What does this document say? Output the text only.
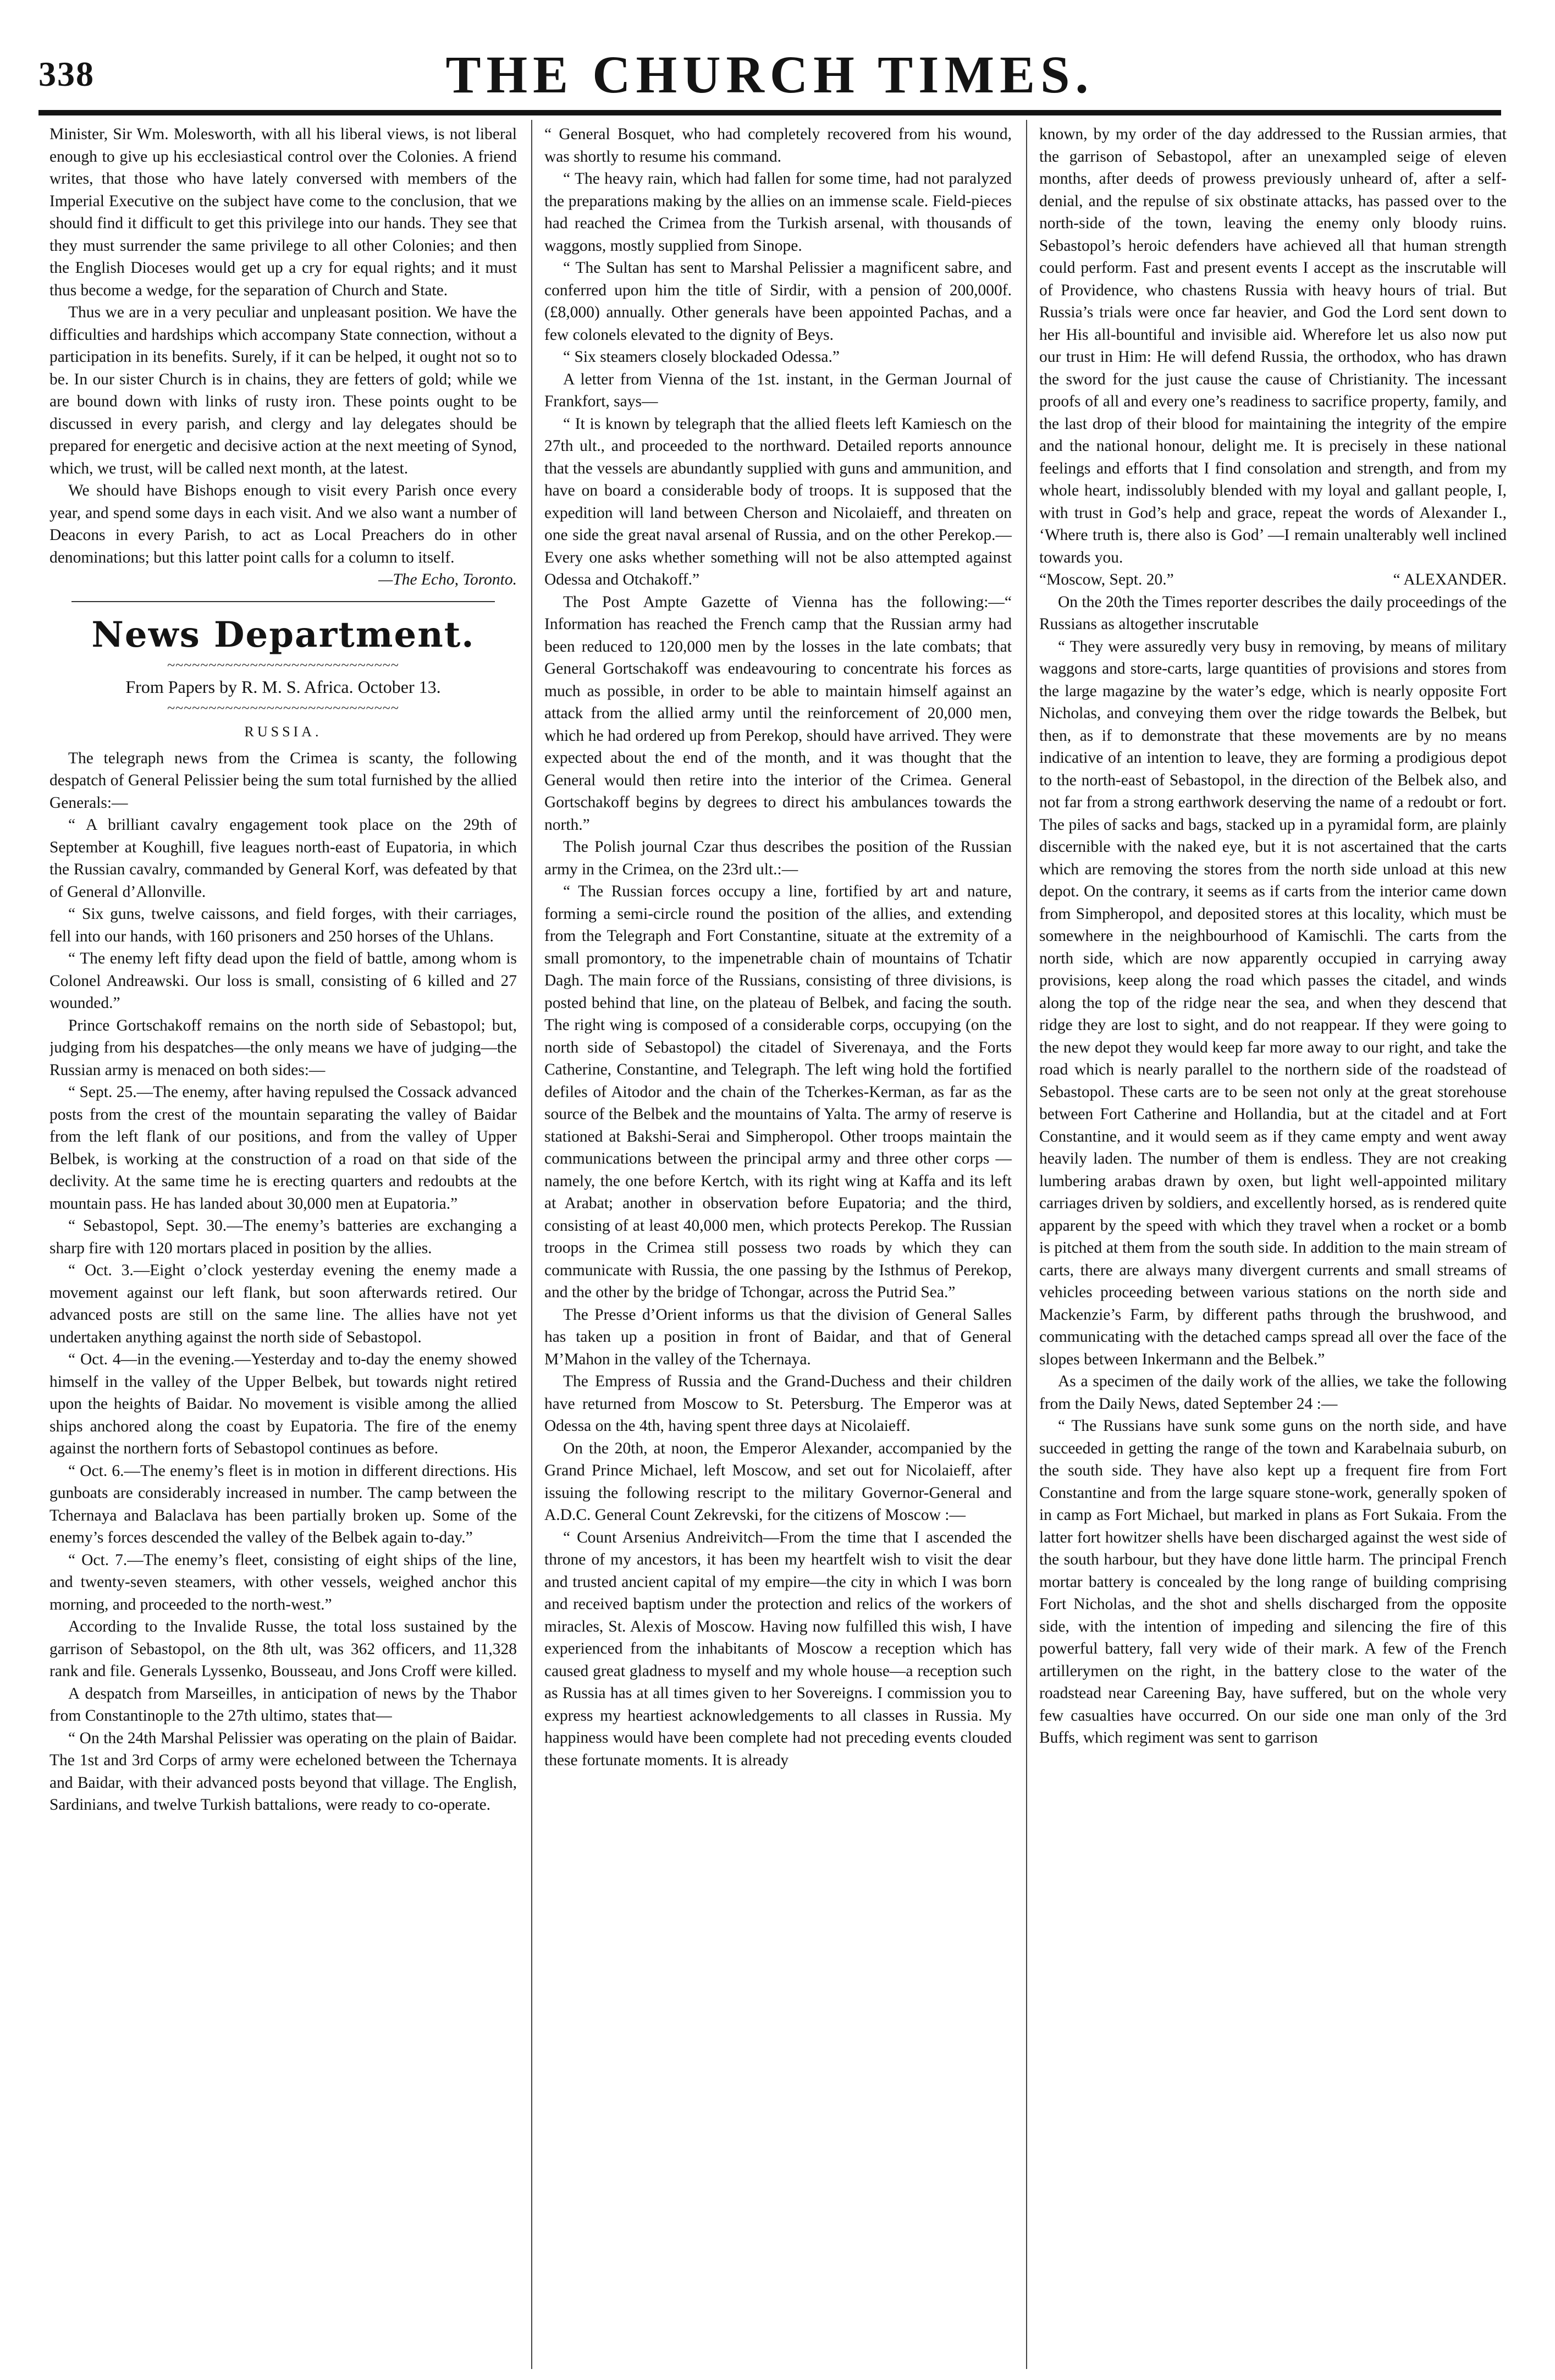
338	THE CHURCH TIMES.

Minister, Sir Wm. Molesworth, with all his liberal views, is not liberal enough to give up his ecclesiastical control over the Colonies. A friend writes, that those who have lately conversed with members of the Imperial Executive on the subject have come to the conclusion, that we should find it difficult to get this privilege into our hands. They see that they must surrender the same privilege to all other Colonies; and then the English Dioceses would get up a cry for equal rights; and it must thus become a wedge, for the separation of Church and State.

Thus we are in a very peculiar and unpleasant position. We have the difficulties and hardships which accompany State connection, without a participation in its benefits. Surely, if it can be helped, it ought not so to be. In our sister Church is in chains, they are fetters of gold; while we are bound down with links of rusty iron. These points ought to be discussed in every parish, and clergy and lay delegates should be prepared for energetic and decisive action at the next meeting of Synod, which, we trust, will be called next month, at the latest.

We should have Bishops enough to visit every Parish once every year, and spend some days in each visit. And we also want a number of Deacons in every Parish, to act as Local Preachers do in other denominations; but this latter point calls for a column to itself.

—The Echo, Toronto.

News Department.
~~~~~~~~~~~~~~~~~~~~~~~~~~~~
From Papers by R. M. S. Africa. October 13.
~~~~~~~~~~~~~~~~~~~~~~~~~~~~
RUSSIA.

The telegraph news from the Crimea is scanty, the following despatch of General Pelissier being the sum total furnished by the allied Generals:—

“ A brilliant cavalry engagement took place on the 29th of September at Koughill, five leagues north-east of Eupatoria, in which the Russian cavalry, commanded by General Korf, was defeated by that of General d’Allonville.

“ Six guns, twelve caissons, and field forges, with their carriages, fell into our hands, with 160 prisoners and 250 horses of the Uhlans.

“ The enemy left fifty dead upon the field of battle, among whom is Colonel Andreawski. Our loss is small, consisting of 6 killed and 27 wounded.”

Prince Gortschakoff remains on the north side of Sebastopol; but, judging from his despatches—the only means we have of judging—the Russian army is menaced on both sides:—

“ Sept. 25.—The enemy, after having repulsed the Cossack advanced posts from the crest of the mountain separating the valley of Baidar from the left flank of our positions, and from the valley of Upper Belbek, is working at the construction of a road on that side of the declivity. At the same time he is erecting quarters and redoubts at the mountain pass. He has landed about 30,000 men at Eupatoria.”

“ Sebastopol, Sept. 30.—The enemy’s batteries are exchanging a sharp fire with 120 mortars placed in position by the allies.

“ Oct. 3.—Eight o’clock yesterday evening the enemy made a movement against our left flank, but soon afterwards retired. Our advanced posts are still on the same line. The allies have not yet undertaken anything against the north side of Sebastopol.

“ Oct. 4—in the evening.—Yesterday and to-day the enemy showed himself in the valley of the Upper Belbek, but towards night retired upon the heights of Baidar. No movement is visible among the allied ships anchored along the coast by Eupatoria. The fire of the enemy against the northern forts of Sebastopol continues as before.

“ Oct. 6.—The enemy’s fleet is in motion in different directions. His gunboats are considerably increased in number. The camp between the Tchernaya and Balaclava has been partially broken up. Some of the enemy’s forces descended the valley of the Belbek again to-day.”

“ Oct. 7.—The enemy’s fleet, consisting of eight ships of the line, and twenty-seven steamers, with other vessels, weighed anchor this morning, and proceeded to the north-west.”

According to the Invalide Russe, the total loss sustained by the garrison of Sebastopol, on the 8th ult, was 362 officers, and 11,328 rank and file. Generals Lyssenko, Bousseau, and Jons Croff were killed.

A despatch from Marseilles, in anticipation of news by the Thabor from Constantinople to the 27th ultimo, states that—

“ On the 24th Marshal Pelissier was operating on the plain of Baidar. The 1st and 3rd Corps of army were echeloned between the Tchernaya and Baidar, with their advanced posts beyond that village. The English, Sardinians, and twelve Turkish battalions, were ready to co-operate.

“ General Bosquet, who had completely recovered from his wound, was shortly to resume his command.

“ The heavy rain, which had fallen for some time, had not paralyzed the preparations making by the allies on an immense scale. Field-pieces had reached the Crimea from the Turkish arsenal, with thousands of waggons, mostly supplied from Sinope.

“ The Sultan has sent to Marshal Pelissier a magnificent sabre, and conferred upon him the title of Sirdir, with a pension of 200,000f. (£8,000) annually. Other generals have been appointed Pachas, and a few colonels elevated to the dignity of Beys.

“ Six steamers closely blockaded Odessa.”

A letter from Vienna of the 1st. instant, in the German Journal of Frankfort, says—

“ It is known by telegraph that the allied fleets left Kamiesch on the 27th ult., and proceeded to the northward. Detailed reports announce that the vessels are abundantly supplied with guns and ammunition, and have on board a considerable body of troops. It is supposed that the expedition will land between Cherson and Nicolaieff, and threaten on one side the great naval arsenal of Russia, and on the other Perekop.—Every one asks whether something will not be also attempted against Odessa and Otchakoff.”

The Post Ampte Gazette of Vienna has the following:—“ Information has reached the French camp that the Russian army had been reduced to 120,000 men by the losses in the late combats; that General Gortschakoff was endeavouring to concentrate his forces as much as possible, in order to be able to maintain himself against an attack from the allied army until the reinforcement of 20,000 men, which he had ordered up from Perekop, should have arrived. They were expected about the end of the month, and it was thought that the General would then retire into the interior of the Crimea. General Gortschakoff begins by degrees to direct his ambulances towards the north.”

The Polish journal Czar thus describes the position of the Russian army in the Crimea, on the 23rd ult.:—

“ The Russian forces occupy a line, fortified by art and nature, forming a semi-circle round the position of the allies, and extending from the Telegraph and Fort Constantine, situate at the extremity of a small promontory, to the impenetrable chain of mountains of Tchatir Dagh. The main force of the Russians, consisting of three divisions, is posted behind that line, on the plateau of Belbek, and facing the south. The right wing is composed of a considerable corps, occupying (on the north side of Sebastopol) the citadel of Siverenaya, and the Forts Catherine, Constantine, and Telegraph. The left wing hold the fortified defiles of Aitodor and the chain of the Tcherkes-Kerman, as far as the source of the Belbek and the mountains of Yalta. The army of reserve is stationed at Bakshi-Serai and Simpheropol. Other troops maintain the communications between the principal army and three other corps —namely, the one before Kertch, with its right wing at Kaffa and its left at Arabat; another in observation before Eupatoria; and the third, consisting of at least 40,000 men, which protects Perekop. The Russian troops in the Crimea still possess two roads by which they can communicate with Russia, the one passing by the Isthmus of Perekop, and the other by the bridge of Tchongar, across the Putrid Sea.”

The Presse d’Orient informs us that the division of General Salles has taken up a position in front of Baidar, and that of General M’Mahon in the valley of the Tchernaya.

The Empress of Russia and the Grand-Duchess and their children have returned from Moscow to St. Petersburg. The Emperor was at Odessa on the 4th, having spent three days at Nicolaieff.

On the 20th, at noon, the Emperor Alexander, accompanied by the Grand Prince Michael, left Moscow, and set out for Nicolaieff, after issuing the following rescript to the military Governor-General and A.D.C. General Count Zekrevski, for the citizens of Moscow :—

“ Count Arsenius Andreivitch—From the time that I ascended the throne of my ancestors, it has been my heartfelt wish to visit the dear and trusted ancient capital of my empire—the city in which I was born and received baptism under the protection and relics of the workers of miracles, St. Alexis of Moscow. Having now fulfilled this wish, I have experienced from the inhabitants of Moscow a reception which has caused great gladness to myself and my whole house—a reception such as Russia has at all times given to her Sovereigns. I commission you to express my heartiest acknowledgements to all classes in Russia. My happiness would have been complete had not preceding events clouded these fortunate moments. It is already

known, by my order of the day addressed to the Russian armies, that the garrison of Sebastopol, after an unexampled seige of eleven months, after deeds of prowess previously unheard of, after a self-denial, and the repulse of six obstinate attacks, has passed over to the north-side of the town, leaving the enemy only bloody ruins. Sebastopol’s heroic defenders have achieved all that human strength could perform. Fast and present events I accept as the inscrutable will of Providence, who chastens Russia with heavy hours of trial. But Russia’s trials were once far heavier, and God the Lord sent down to her His all-bountiful and invisible aid. Wherefore let us also now put our trust in Him: He will defend Russia, the orthodox, who has drawn the sword for the just cause the cause of Christianity. The incessant proofs of all and every one’s readiness to sacrifice property, family, and the last drop of their blood for maintaining the integrity of the empire and the national honour, delight me. It is precisely in these national feelings and efforts that I find consolation and strength, and from my whole heart, indissolubly blended with my loyal and gallant people, I, with trust in God’s help and grace, repeat the words of Alexander I., ‘Where truth is, there also is God’ —I remain unalterably well inclined towards you.

“Moscow, Sept. 20.”	“ ALEXANDER.

On the 20th the Times reporter describes the daily proceedings of the Russians as altogether inscrutable

“ They were assuredly very busy in removing, by means of military waggons and store-carts, large quantities of provisions and stores from the large magazine by the water’s edge, which is nearly opposite Fort Nicholas, and conveying them over the ridge towards the Belbek, but then, as if to demonstrate that these movements are by no means indicative of an intention to leave, they are forming a prodigious depot to the north-east of Sebastopol, in the direction of the Belbek also, and not far from a strong earthwork deserving the name of a redoubt or fort. The piles of sacks and bags, stacked up in a pyramidal form, are plainly discernible with the naked eye, but it is not ascertained that the carts which are removing the stores from the north side unload at this new depot. On the contrary, it seems as if carts from the interior came down from Simpheropol, and deposited stores at this locality, which must be somewhere in the neighbourhood of Kamischli. The carts from the north side, which are now apparently occupied in carrying away provisions, keep along the road which passes the citadel, and winds along the top of the ridge near the sea, and when they descend that ridge they are lost to sight, and do not reappear. If they were going to the new depot they would keep far more away to our right, and take the road which is nearly parallel to the northern side of the roadstead of Sebastopol. These carts are to be seen not only at the great storehouse between Fort Catherine and Hollandia, but at the citadel and at Fort Constantine, and it would seem as if they came empty and went away heavily laden. The number of them is endless. They are not creaking lumbering arabas drawn by oxen, but light well-appointed military carriages driven by soldiers, and excellently horsed, as is rendered quite apparent by the speed with which they travel when a rocket or a bomb is pitched at them from the south side. In addition to the main stream of carts, there are always many divergent currents and small streams of vehicles proceeding between various stations on the north side and Mackenzie’s Farm, by different paths through the brushwood, and communicating with the detached camps spread all over the face of the slopes between Inkermann and the Belbek.”

As a specimen of the daily work of the allies, we take the following from the Daily News, dated September 24 :—

“ The Russians have sunk some guns on the north side, and have succeeded in getting the range of the town and Karabelnaia suburb, on the south side. They have also kept up a frequent fire from Fort Constantine and from the large square stone-work, generally spoken of in camp as Fort Michael, but marked in plans as Fort Sukaia. From the latter fort howitzer shells have been discharged against the west side of the south harbour, but they have done little harm. The principal French mortar battery is concealed by the long range of building comprising Fort Nicholas, and the shot and shells discharged from the opposite side, with the intention of impeding and silencing the fire of this powerful battery, fall very wide of their mark. A few of the French artillerymen on the right, in the battery close to the water of the roadstead near Careening Bay, have suffered, but on the whole very few casualties have occurred. On our side one man only of the 3rd Buffs, which regiment was sent to garrison
